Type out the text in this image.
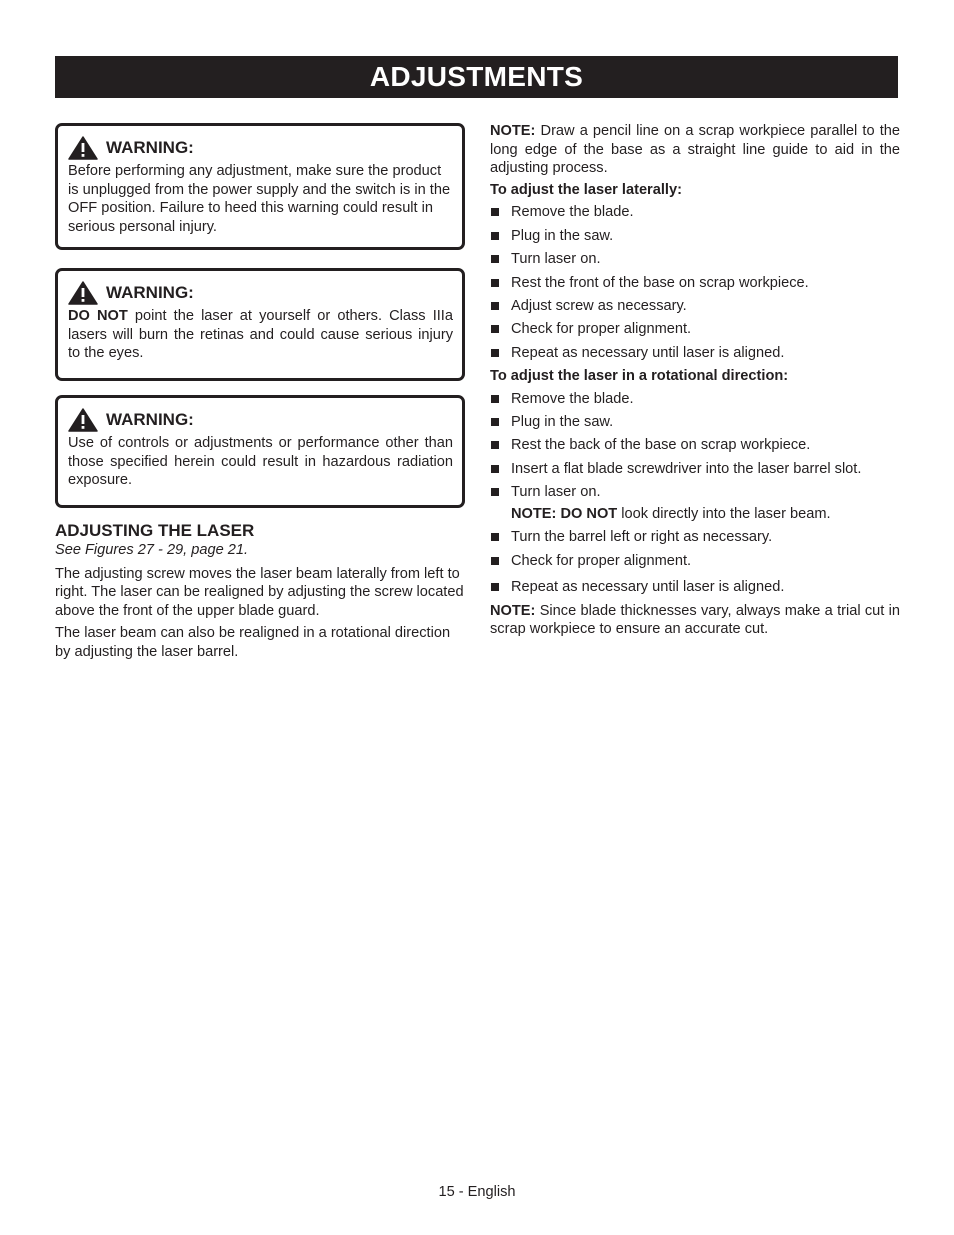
ADJUSTMENTS
WARNING:

Before performing any adjustment, make sure the product is unplugged from the power supply and the switch is in the OFF position. Failure to heed this warning could result in serious personal injury.

WARNING:

DO NOT point the laser at yourself or others. Class IIIa lasers will burn the retinas and could cause serious injury to the eyes.

WARNING:

Use of controls or adjustments or performance other than those specified herein could result in hazardous radiation exposure.

ADJUSTING THE LASER

See Figures 27 - 29, page 21.

The adjusting screw moves the laser beam laterally from left to right. The laser can be realigned by adjusting the screw located above the front of the upper blade guard.

The laser beam can also be realigned in a rotational direction by adjusting the laser barrel.

NOTE: Draw a pencil line on a scrap workpiece parallel to the long edge of the base as a straight line guide to aid in the adjusting process.

To adjust the laser laterally:
Remove the blade.
Plug in the saw.
Turn laser on.
Rest the front of the base on scrap workpiece.
Adjust screw as necessary.
Check for proper alignment.
Repeat as necessary until laser is aligned.
To adjust the laser in a rotational direction:
Remove the blade.
Plug in the saw.
Rest the back of the base on scrap workpiece.
Insert a flat blade screwdriver into the laser barrel slot.
Turn laser on.

NOTE: DO NOT look directly into the laser beam.

Turn the barrel left or right as necessary.
Check for proper alignment.
Repeat as necessary until laser is aligned.

NOTE: Since blade thicknesses vary, always make a trial cut in scrap workpiece to ensure an accurate cut.

15 - English
